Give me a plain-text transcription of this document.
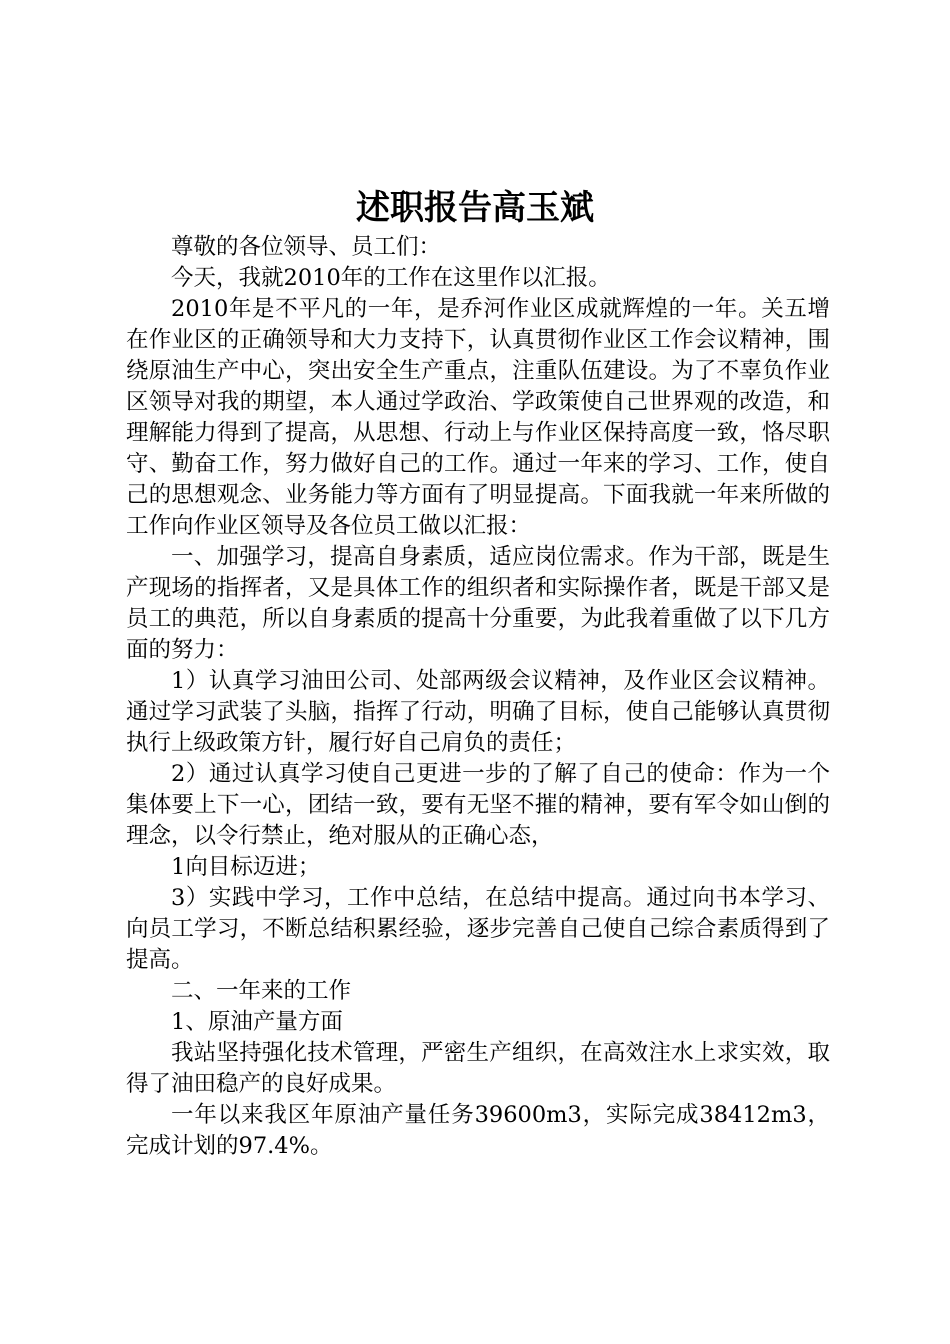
述职报告高玉斌

尊敬的各位领导、员工们：

今天，我就2010年的工作在这里作以汇报。

2010年是不平凡的一年，是乔河作业区成就辉煌的一年。关五增在作业区的正确领导和大力支持下，认真贯彻作业区工作会议精神，围绕原油生产中心，突出安全生产重点，注重队伍建设。为了不辜负作业区领导对我的期望，本人通过学政治、学政策使自己世界观的改造，和理解能力得到了提高，从思想、行动上与作业区保持高度一致，恪尽职守、勤奋工作，努力做好自己的工作。通过一年来的学习、工作，使自己的思想观念、业务能力等方面有了明显提高。下面我就一年来所做的工作向作业区领导及各位员工做以汇报：

一、加强学习，提高自身素质，适应岗位需求。作为干部，既是生产现场的指挥者，又是具体工作的组织者和实际操作者，既是干部又是员工的典范，所以自身素质的提高十分重要，为此我着重做了以下几方面的努力：

1）认真学习油田公司、处部两级会议精神，及作业区会议精神。通过学习武装了头脑，指挥了行动，明确了目标，使自己能够认真贯彻执行上级政策方针，履行好自己肩负的责任；

2）通过认真学习使自己更进一步的了解了自己的使命：作为一个集体要上下一心，团结一致，要有无坚不摧的精神，要有军令如山倒的理念，以令行禁止，绝对服从的正确心态，

1向目标迈进；

3）实践中学习，工作中总结，在总结中提高。通过向书本学习、向员工学习，不断总结积累经验，逐步完善自己使自己综合素质得到了提高。

二、一年来的工作

1、原油产量方面

我站坚持强化技术管理，严密生产组织，在高效注水上求实效，取得了油田稳产的良好成果。

一年以来我区年原油产量任务39600m3，实际完成38412m3，完成计划的97.4%。
